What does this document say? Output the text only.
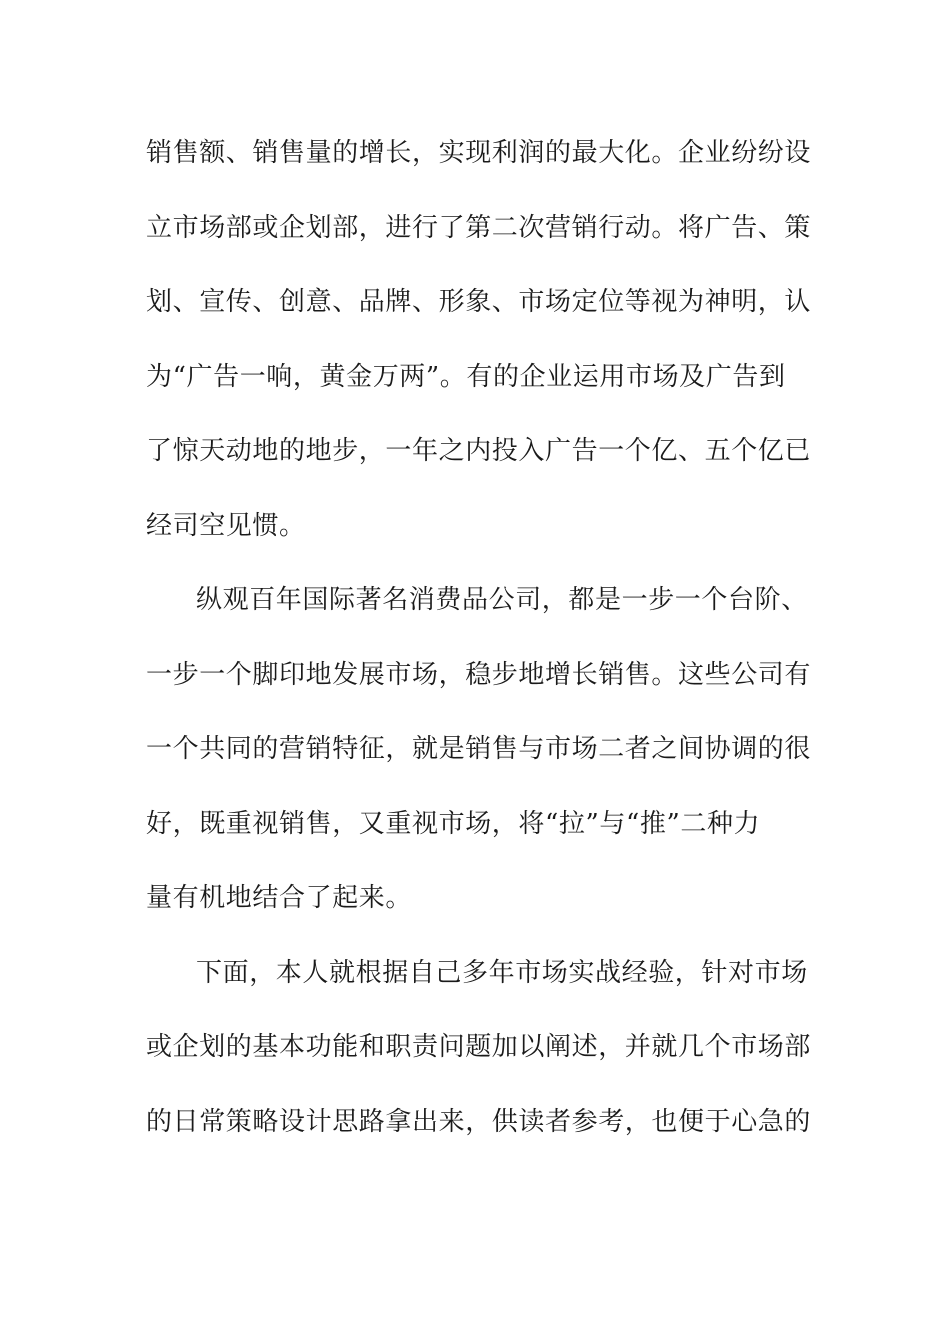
销售额、销售量的增长，实现利润的最大化。企业纷纷设
立市场部或企划部，进行了第二次营销行动。将广告、策
划、宣传、创意、品牌、形象、市场定位等视为神明，认
为“广告一响，黄金万两”。有的企业运用市场及广告到
了惊天动地的地步，一年之内投入广告一个亿、五个亿已
经司空见惯。
纵观百年国际著名消费品公司，都是一步一个台阶、
一步一个脚印地发展市场，稳步地增长销售。这些公司有
一个共同的营销特征，就是销售与市场二者之间协调的很
好，既重视销售，又重视市场，将“拉”与“推”二种力
量有机地结合了起来。
下面，本人就根据自己多年市场实战经验，针对市场
或企划的基本功能和职责问题加以阐述，并就几个市场部
的日常策略设计思路拿出来，供读者参考，也便于心急的
